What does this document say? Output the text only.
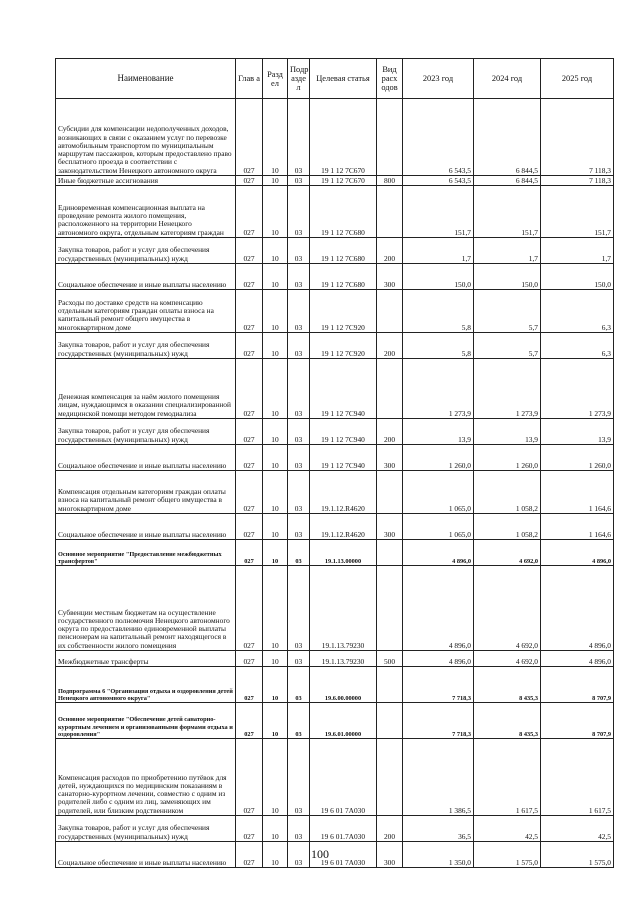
Наименование	Глав а	Разд ел	Подр азде л	Целевая статья	Вид расх одов	2023 год	2024 год	2025 год
Субсидии для компенсации недополученных доходов, возникающих в связи с оказанием услуг по перевозке автомобильным транспортом по муниципальным маршрутам пассажиров, которым предоставлено право бесплатного проезда в соответствии с законодательством Ненецкого автономного округа	027	10	03	19 1 12 7С670		6 543,5	6 844,5	7 118,3
Иные бюджетные ассигнования	027	10	03	19 1 12 7С670	800	6 543,5	6 844,5	7 118,3
Единовременная компенсационная выплата на проведение ремонта жилого помещения, расположенного на территории Ненецкого автономного округа, отдельным категориям граждан	027	10	03	19 1 12 7С680		151,7	151,7	151,7
Закупка товаров, работ и услуг для обеспечения государственных (муниципальных) нужд	027	10	03	19 1 12 7С680	200	1,7	1,7	1,7
Социальное обеспечение и иные выплаты населению	027	10	03	19 1 12 7С680	300	150,0	150,0	150,0
Расходы по доставке средств на компенсацию отдельным категориям граждан оплаты взноса на капитальный ремонт общего имущества в многоквартирном доме	027	10	03	19 1 12 7С920		5,8	5,7	6,3
Закупка товаров, работ и услуг для обеспечения государственных (муниципальных) нужд	027	10	03	19 1 12 7С920	200	5,8	5,7	6,3
Денежная компенсация за наём жилого помещения лицам, нуждающимся в оказании специализированной медицинской помощи методом гемодиализа	027	10	03	19 1 12 7С940		1 273,9	1 273,9	1 273,9
Закупка товаров, работ и услуг для обеспечения государственных (муниципальных) нужд	027	10	03	19 1 12 7С940	200	13,9	13,9	13,9
Социальное обеспечение и иные выплаты населению	027	10	03	19 1 12 7С940	300	1 260,0	1 260,0	1 260,0
Компенсация отдельным категориям граждан оплаты взноса на капитальный ремонт общего имущества в многоквартирном доме	027	10	03	19.1.12.R4620		1 065,0	1 058,2	1 164,6
Социальное обеспечение и иные выплаты населению	027	10	03	19.1.12.R4620	300	1 065,0	1 058,2	1 164,6
Основное мероприятие "Предоставление межбюджетных трансфертов"	027	10	03	19.1.13.00000		4 896,0	4 692,0	4 896,0
Субвенции местным бюджетам на осуществление государственного полномочия Ненецкого автономного округа по предоставлению единовременной выплаты пенсионерам на капитальный ремонт находящегося в их собственности жилого помещения	027	10	03	19.1.13.79230		4 896,0	4 692,0	4 896,0
Межбюджетные трансферты	027	10	03	19.1.13.79230	500	4 896,0	4 692,0	4 896,0
Подпрограмма 6 "Организация отдыха и оздоровления детей Ненецкого автономного округа"	027	10	03	19.6.00.00000		7 718,3	8 435,3	8 707,9
Основное мероприятие "Обеспечение детей санаторно-курортным лечением и организованными формами отдыха и оздоровления"	027	10	03	19.6.01.00000		7 718,3	8 435,3	8 707,9
Компенсация расходов по приобретению путёвок для детей, нуждающихся по медицинским показаниям в санаторно-курортном лечении, совместно с одним из родителей либо с одним из лиц, заменяющих им родителей, или близким родственником	027	10	03	19 6 01 7А030		1 386,5	1 617,5	1 617,5
Закупка товаров, работ и услуг для обеспечения государственных (муниципальных) нужд	027	10	03	19 6 01.7А030	200	36,5	42,5	42,5
Социальное обеспечение и иные выплаты населению	027	10	03	19 6 01 7А030	300	1 350,0	1 575,0	1 575,0
100
